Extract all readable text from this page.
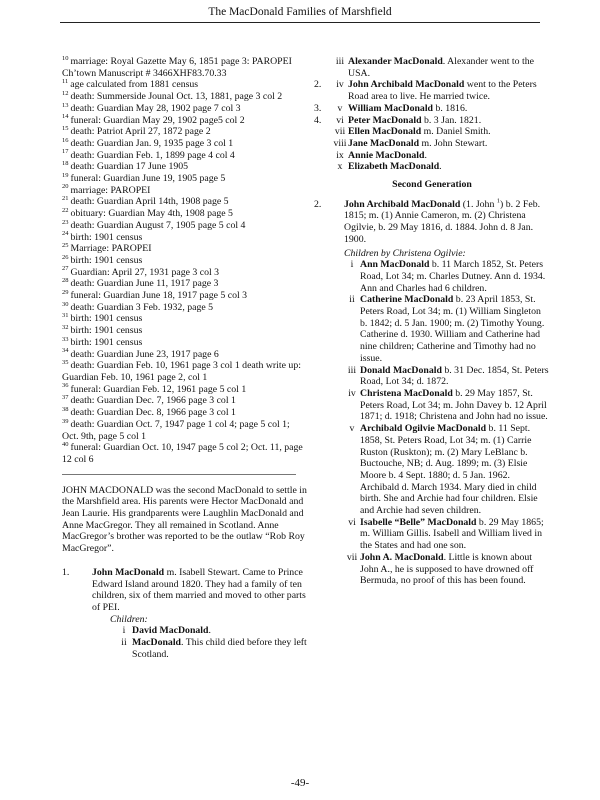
The MacDonald Families of Marshfield

$^{10}$ marriage: Royal Gazette May 6, 1851 page 3: PAROPEI Ch’town Manuscript # 3466XHF83.70.33

$^{11}$ age calculated from 1881 census

$^{12}$ death: Summerside Jounal Oct. 13, 1881, page 3 col 2

$^{13}$ death: Guardian May 28, 1902 page 7 col 3

$^{14}$ funeral: Guardian May 29, 1902 page5 col 2

$^{15}$ death: Patriot April 27, 1872 page 2

$^{16}$ death: Guardian Jan. 9, 1935 page 3 col 1

$^{17}$ death: Guardian Feb. 1, 1899 page 4 col 4

$^{18}$ death: Guardian 17 June 1905

$^{19}$ funeral: Guardian June 19, 1905 page 5

$^{20}$ marriage: PAROPEI

$^{21}$ death: Guardian April 14th, 1908 page 5

$^{22}$ obituary: Guardian May 4th, 1908 page 5

$^{23}$ death: Guardian August 7, 1905 page 5 col 4

$^{24}$ birth: 1901 census

$^{25}$ Marriage: PAROPEI

$^{26}$ birth: 1901 census

$^{27}$ Guardian: April 27, 1931 page 3 col 3

$^{28}$ death: Guardian June 11, 1917 page 3

$^{29}$ funeral: Guardian June 18, 1917 page 5 col 3

$^{30}$ death: Guardian 3 Feb. 1932, page 5

$^{31}$ birth: 1901 census

$^{32}$ birth: 1901 census

$^{33}$ birth: 1901 census

$^{34}$ death: Guardian June 23, 1917 page 6

$^{35}$ death: Guardian Feb. 10, 1961 page 3 col 1 death write up: Guardian Feb. 10, 1961 page 2, col 1

$^{36}$ funeral: Guardian Feb. 12, 1961 page 5 col 1

$^{37}$ death: Guardian Dec. 7, 1966 page 3 col 1

$^{38}$ death: Guardian Dec. 8, 1966 page 3 col 1

$^{39}$ death: Guardian Oct. 7, 1947 page 1 col 4; page 5 col 1; Oct. 9th, page 5 col 1

$^{40}$ funeral: Guardian Oct. 10, 1947 page 5 col 2; Oct. 11, page 12 col 6

JOHN MACDONALD was the second MacDonald to settle in the Marshfield area. His parents were Hector MacDonald and Jean Laurie. His grandparents were Laughlin MacDonald and Anne MacGregor. They all remained in Scotland. Anne MacGregor’s brother was reported to be the outlaw “Rob Roy MacGregor”.

1.	John MacDonald m. Isabell Stewart. Came to Prince Edward Island around 1820. They had a family of ten children, six of them married and moved to other parts of PEI.
Children:
i David MacDonald.
ii MacDonald. This child died before they left Scotland.
iii Alexander MacDonald. Alexander went to the USA.
2.	iv John Archibald MacDonald went to the Peters Road area to live. He married twice.
3.	v William MacDonald b. 1816.
4.	vi Peter MacDonald b. 3 Jan. 1821.
vii Ellen MacDonald m. Daniel Smith.
viii Jane MacDonald m. John Stewart.
ix Annie MacDonald.
x Elizabeth MacDonald.
Second Generation
2.	John Archibald MacDonald (1. John $^1$) b. 2 Feb. 1815; m. (1) Annie Cameron, m. (2) Christena Ogilvie, b. 29 May 1816, d. 1884. John d. 8 Jan. 1900.
Children by Christena Ogilvie:
i Ann MacDonald b. 11 March 1852, St. Peters Road, Lot 34; m. Charles Dutney. Ann d. 1934. Ann and Charles had 6 children.
ii Catherine MacDonald b. 23 April 1853, St. Peters Road, Lot 34; m. (1) William Singleton b. 1842; d. 5 Jan. 1900; m. (2) Timothy Young. Catherine d. 1930. William and Catherine had nine children; Catherine and Timothy had no issue.
iii Donald MacDonald b. 31 Dec. 1854, St. Peters Road, Lot 34; d. 1872.
iv Christena MacDonald b. 29 May 1857, St. Peters Road, Lot 34; m. John Davey b. 12 April 1871; d. 1918; Christena and John had no issue.
v Archibald Ogilvie MacDonald b. 11 Sept. 1858, St. Peters Road, Lot 34; m. (1) Carrie Ruston (Ruskton); m. (2) Mary LeBlanc b. Buctouche, NB; d. Aug. 1899; m. (3) Elsie Moore b. 4 Sept. 1880; d. 5 Jan. 1962. Archibald d. March 1934. Mary died in child birth. She and Archie had four children. Elsie and Archie had seven children.
vi Isabelle “Belle” MacDonald b. 29 May 1865; m. William Gillis. Isabell and William lived in the States and had one son.
vii John A. MacDonald. Little is known about John A., he is supposed to have drowned off Bermuda, no proof of this has been found.
-49-
